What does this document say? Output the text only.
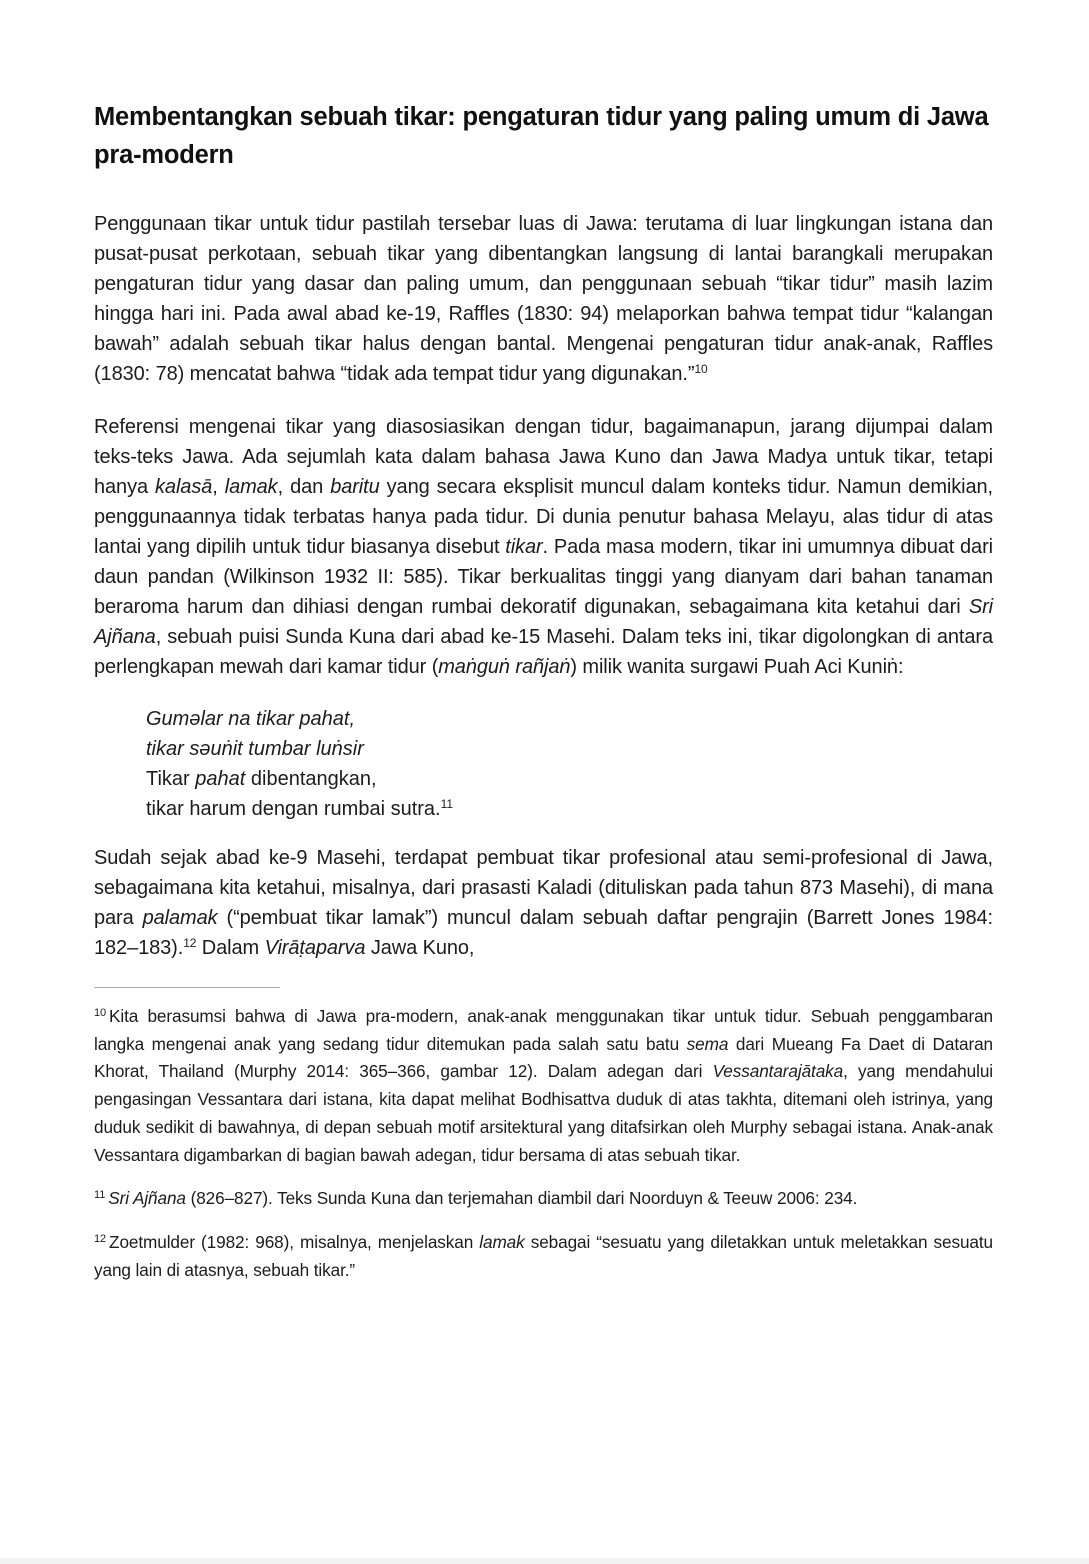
Membentangkan sebuah tikar: pengaturan tidur yang paling umum di Jawa pra-modern

Penggunaan tikar untuk tidur pastilah tersebar luas di Jawa: terutama di luar lingkungan istana dan pusat-pusat perkotaan, sebuah tikar yang dibentangkan langsung di lantai barangkali merupakan pengaturan tidur yang dasar dan paling umum, dan penggunaan sebuah “tikar tidur” masih lazim hingga hari ini. Pada awal abad ke-19, Raffles (1830: 94) melaporkan bahwa tempat tidur “kalangan bawah” adalah sebuah tikar halus dengan bantal. Mengenai pengaturan tidur anak-anak, Raffles (1830: 78) mencatat bahwa “tidak ada tempat tidur yang digunakan.”$^{10}$

Referensi mengenai tikar yang diasosiasikan dengan tidur, bagaimanapun, jarang dijumpai dalam teks-teks Jawa. Ada sejumlah kata dalam bahasa Jawa Kuno dan Jawa Madya untuk tikar, tetapi hanya kalasā, lamak, dan baritu yang secara eksplisit muncul dalam konteks tidur. Namun demikian, penggunaannya tidak terbatas hanya pada tidur. Di dunia penutur bahasa Melayu, alas tidur di atas lantai yang dipilih untuk tidur biasanya disebut tikar. Pada masa modern, tikar ini umumnya dibuat dari daun pandan (Wilkinson 1932 II: 585). Tikar berkualitas tinggi yang dianyam dari bahan tanaman beraroma harum dan dihiasi dengan rumbai dekoratif digunakan, sebagaimana kita ketahui dari Sri Ajñana, sebuah puisi Sunda Kuna dari abad ke-15 Masehi. Dalam teks ini, tikar digolongkan di antara perlengkapan mewah dari kamar tidur (maṅguṅ rañjaṅ) milik wanita surgawi Puah Aci Kuniṅ:

Gumәlar na tikar pahat,
tikar sәuṅit tumbar luṅsir
Tikar pahat dibentangkan,
tikar harum dengan rumbai sutra.$^{11}$

Sudah sejak abad ke-9 Masehi, terdapat pembuat tikar profesional atau semi-profesional di Jawa, sebagaimana kita ketahui, misalnya, dari prasasti Kaladi (dituliskan pada tahun 873 Masehi), di mana para palamak (“pembuat tikar lamak”) muncul dalam sebuah daftar pengrajin (Barrett Jones 1984: 182–183).$^{12}$ Dalam Virāṭaparva Jawa Kuno,

$^{10}$ Kita berasumsi bahwa di Jawa pra-modern, anak-anak menggunakan tikar untuk tidur. Sebuah penggambaran langka mengenai anak yang sedang tidur ditemukan pada salah satu batu sema dari Mueang Fa Daet di Dataran Khorat, Thailand (Murphy 2014: 365–366, gambar 12). Dalam adegan dari Vessantarajātaka, yang mendahului pengasingan Vessantara dari istana, kita dapat melihat Bodhisattva duduk di atas takhta, ditemani oleh istrinya, yang duduk sedikit di bawahnya, di depan sebuah motif arsitektural yang ditafsirkan oleh Murphy sebagai istana. Anak-anak Vessantara digambarkan di bagian bawah adegan, tidur bersama di atas sebuah tikar.

$^{11}$ Sri Ajñana (826–827). Teks Sunda Kuna dan terjemahan diambil dari Noorduyn & Teeuw 2006: 234.

$^{12}$ Zoetmulder (1982: 968), misalnya, menjelaskan lamak sebagai “sesuatu yang diletakkan untuk meletakkan sesuatu yang lain di atasnya, sebuah tikar.”
